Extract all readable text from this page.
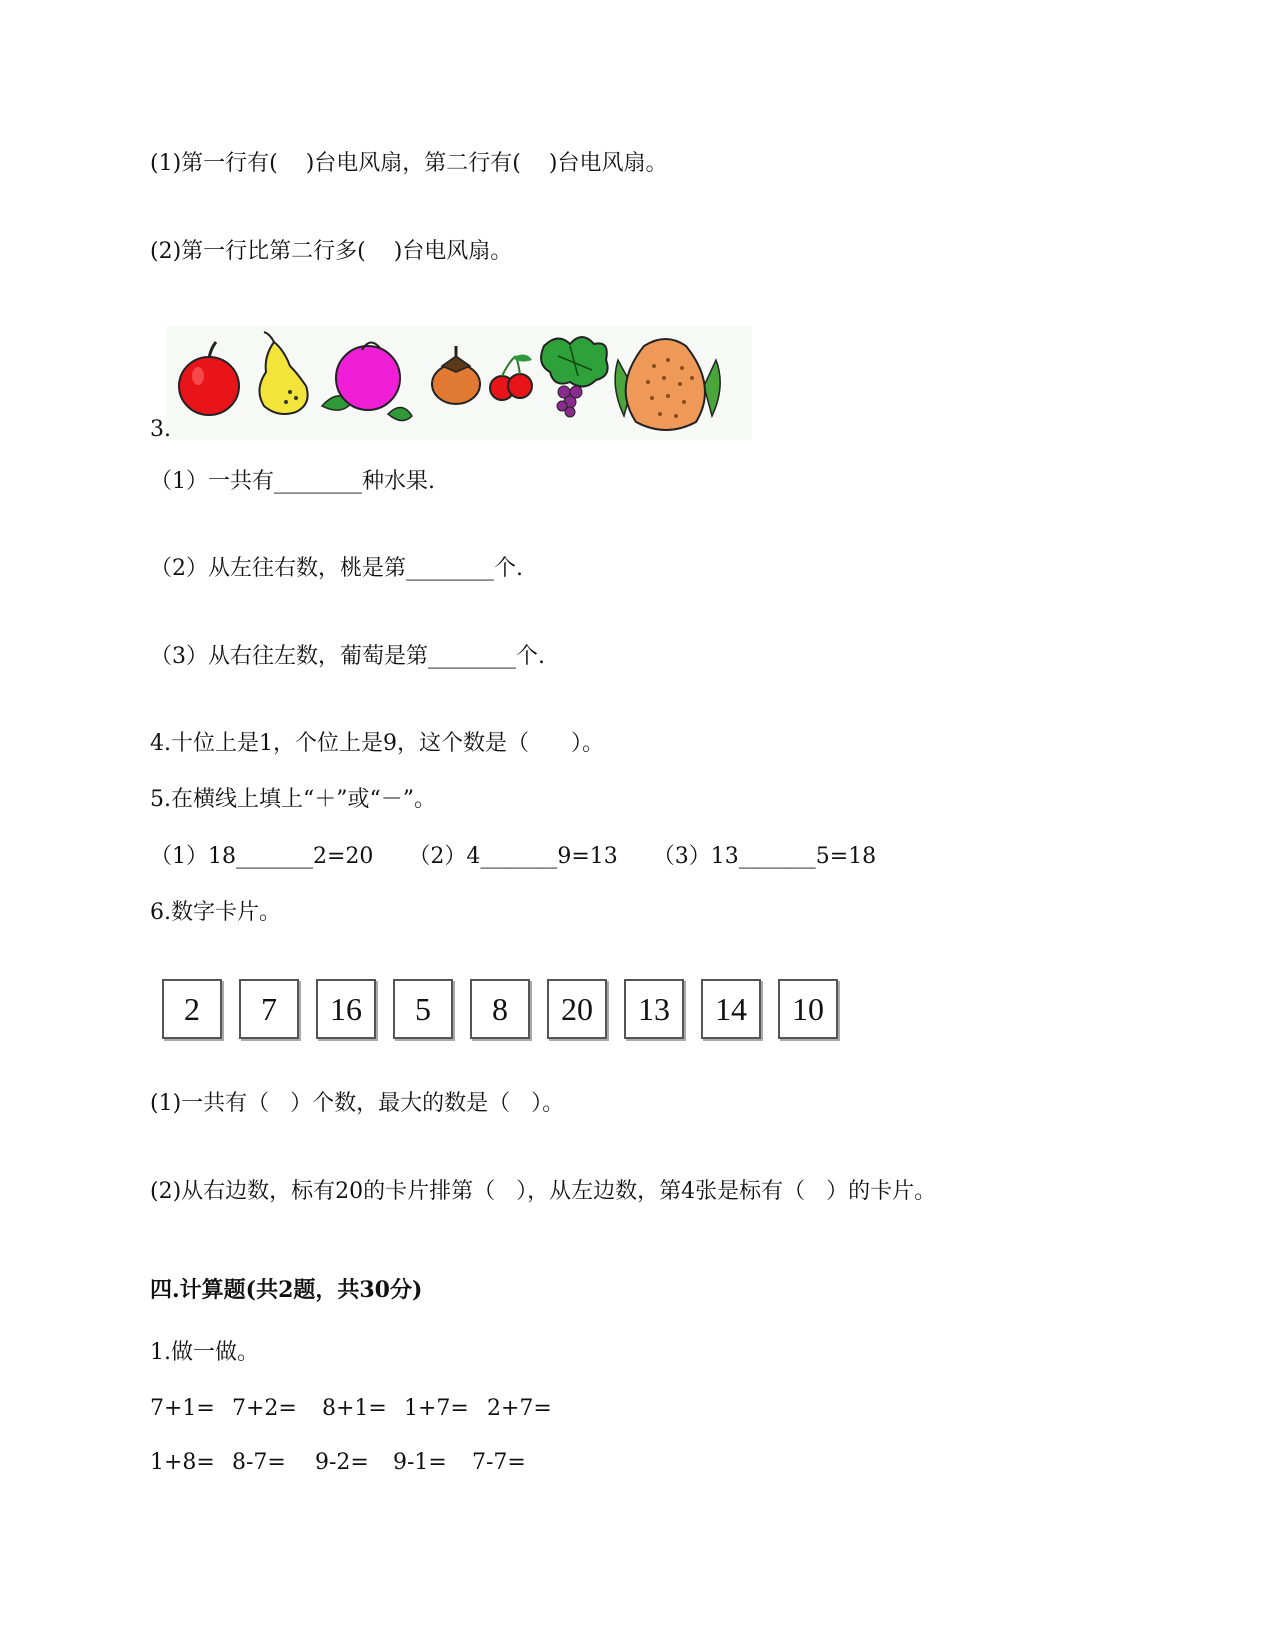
(1)第一行有(    )台电风扇，第二行有(    )台电风扇。
(2)第一行比第二行多(    )台电风扇。
3.
（1）一共有________种水果.
（2）从左往右数，桃是第________个.
（3）从右往左数，葡萄是第________个.
4.十位上是1，个位上是9，这个数是（      ）。
5.在横线上填上“＋”或“－”。
（1）18_______2=20     （2）4_______9=13     （3）13_______5=18
6.数字卡片。
2	7	16	5	8	20	13	14	10
(1)一共有（   ）个数，最大的数是（   ）。
(2)从右边数，标有20的卡片排第（   ），从左边数，第4张是标有（   ）的卡片。
四.计算题(共2题，共30分)
1.做一做。
7+1= 7+2= 8+1= 1+7= 2+7=
1+8= 8-7= 9-2= 9-1= 7-7=
